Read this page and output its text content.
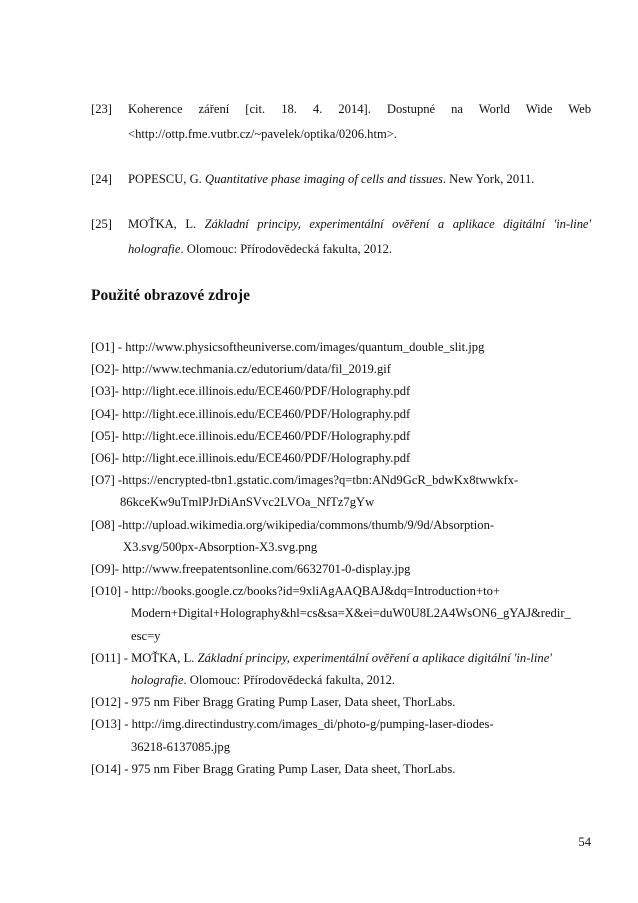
[23] Koherence záření [cit. 18. 4. 2014]. Dostupné na World Wide Web
<http://ottp.fme.vutbr.cz/~pavelek/optika/0206.htm>.
[24] POPESCU, G. Quantitative phase imaging of cells and tissues. New York, 2011.
[25] MOŤKA, L. Základní principy, experimentální ověření a aplikace digitální 'in-line'
holografie. Olomouc: Přírodovědecká fakulta, 2012.
Použité obrazové zdroje
[O1] - http://www.physicsoftheuniverse.com/images/quantum_double_slit.jpg
[O2]- http://www.techmania.cz/edutorium/data/fil_2019.gif
[O3]- http://light.ece.illinois.edu/ECE460/PDF/Holography.pdf
[O4]- http://light.ece.illinois.edu/ECE460/PDF/Holography.pdf
[O5]- http://light.ece.illinois.edu/ECE460/PDF/Holography.pdf
[O6]- http://light.ece.illinois.edu/ECE460/PDF/Holography.pdf
[O7] -https://encrypted-tbn1.gstatic.com/images?q=tbn:ANd9GcR_bdwKx8twwkfx-
86kceKw9uTmlPJrDiAnSVvc2LVOa_NfTz7gYw
[O8] -http://upload.wikimedia.org/wikipedia/commons/thumb/9/9d/Absorption-
X3.svg/500px-Absorption-X3.svg.png
[O9]- http://www.freepatentsonline.com/6632701-0-display.jpg
[O10] - http://books.google.cz/books?id=9xliAgAAQBAJ&dq=Introduction+to+
Modern+Digital+Holography&hl=cs&sa=X&ei=duW0U8L2A4WsON6_gYAJ&redir_
esc=y
[O11] - MOŤKA, L. Základní principy, experimentální ověření a aplikace digitální 'in-line'
holografie. Olomouc: Přírodovědecká fakulta, 2012.
[O12] - 975 nm Fiber Bragg Grating Pump Laser, Data sheet, ThorLabs.
[O13] - http://img.directindustry.com/images_di/photo-g/pumping-laser-diodes-
36218-6137085.jpg
[O14] - 975 nm Fiber Bragg Grating Pump Laser, Data sheet, ThorLabs.
54
